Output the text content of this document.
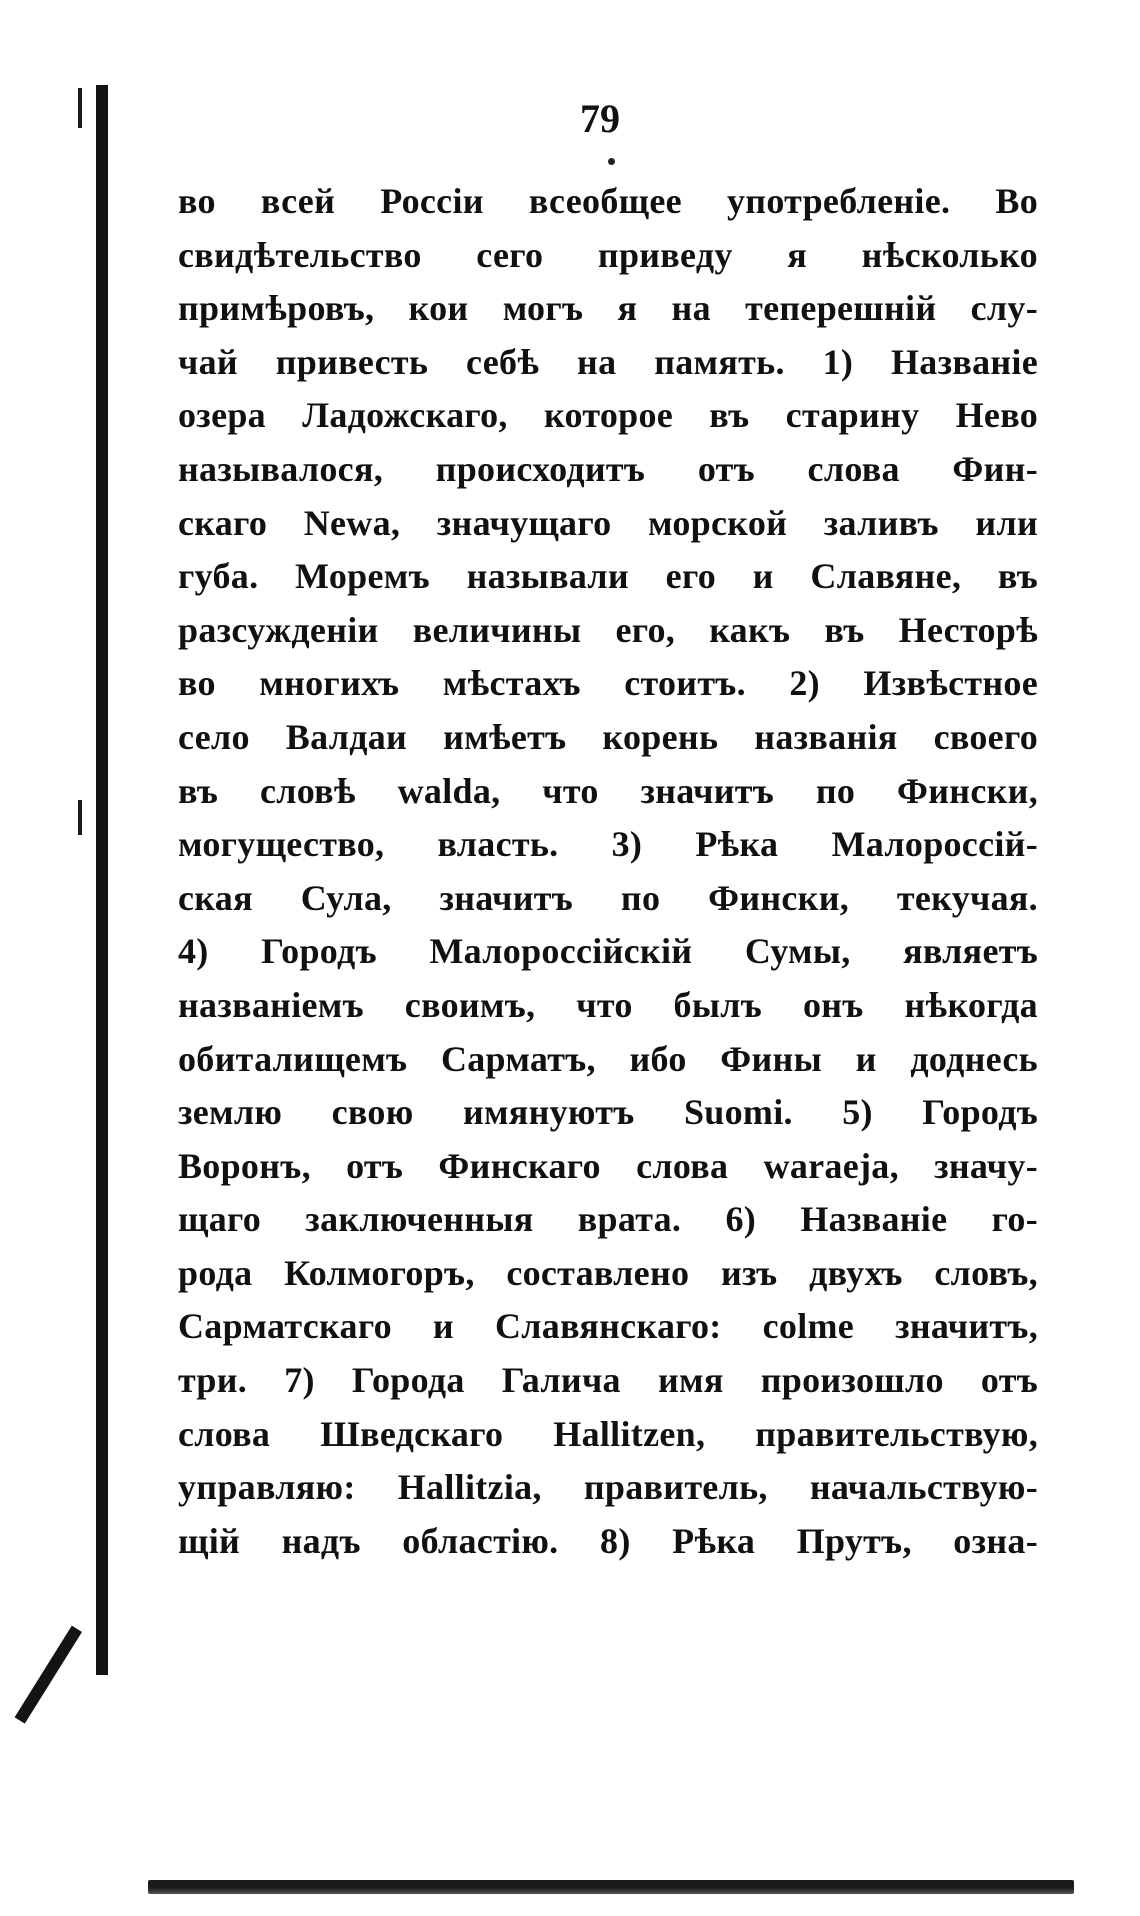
79
во всей Россіи всеобщее употребленіе. Во
свидѣтельство сего приведу я нѣсколько
примѣровъ, кои могъ я на теперешній слу-
чай привесть себѣ на память. 1) Названіе
озера Ладожскаго, которое въ старину Нево
называлося, происходитъ отъ слова Фин-
скаго Newa, значущаго морской заливъ или
губа. Моремъ называли его и Славяне, въ
разсужденіи величины его, какъ въ Несторѣ
во многихъ мѣстахъ стоитъ. 2) Извѣстное
село Валдаи имѣетъ корень названія своего
въ словѣ walda, что значитъ по Фински,
могущество, власть. 3) Рѣка Малороссій-
ская Сула, значитъ по Фински, текучая.
4) Городъ Малороссійскій Сумы, являетъ
названіемъ своимъ, что былъ онъ нѣкогда
обиталищемъ Сарматъ, ибо Фины и доднесь
землю свою имянуютъ Suomi. 5) Городъ
Воронъ, отъ Финскаго слова waraeja, значу-
щаго заключенныя врата. 6) Названіе го-
рода Колмогоръ, составлено изъ двухъ словъ,
Сарматскаго и Славянскаго: colme значитъ,
три. 7) Города Галича имя произошло отъ
слова Шведскаго Hallitzen, правительствую,
управляю: Hallitzia, правитель, начальствую-
щій надъ областію. 8) Рѣка Прутъ, озна-
